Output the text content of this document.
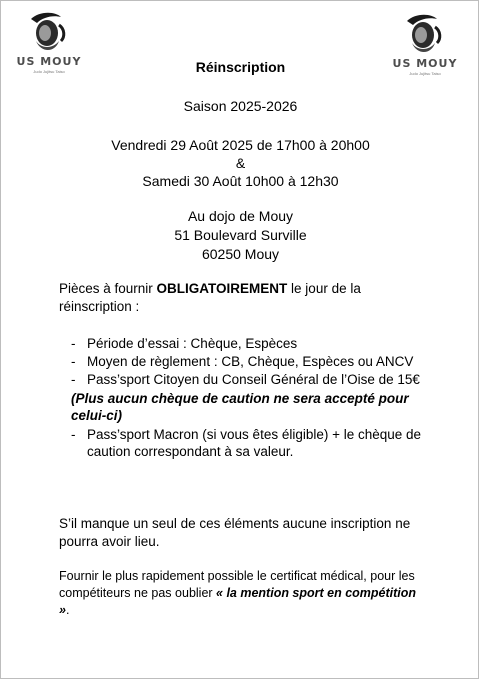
US MOUY
Judo Jujitsu Taiso
US MOUY
Judo Jujitsu Taiso
Réinscription
Saison 2025-2026
Vendredi 29 Août 2025 de 17h00 à 20h00
&
Samedi 30 Août 10h00 à 12h30
Au dojo de Mouy
51 Boulevard Surville
60250 Mouy
Pièces à fournir OBLIGATOIREMENT le jour de la réinscription :
- Période d’essai : Chèque, Espèces
- Moyen de règlement : CB, Chèque, Espèces ou ANCV
- Pass’sport Citoyen du Conseil Général de l’Oise de 15€
(Plus aucun chèque de caution ne sera accepté pour celui-ci)
- Pass’sport Macron (si vous êtes éligible) + le chèque de caution correspondant à sa valeur.
S’il manque un seul de ces éléments aucune inscription ne pourra avoir lieu.
Fournir le plus rapidement possible le certificat médical, pour les compétiteurs ne pas oublier « la mention sport en compétition ».
